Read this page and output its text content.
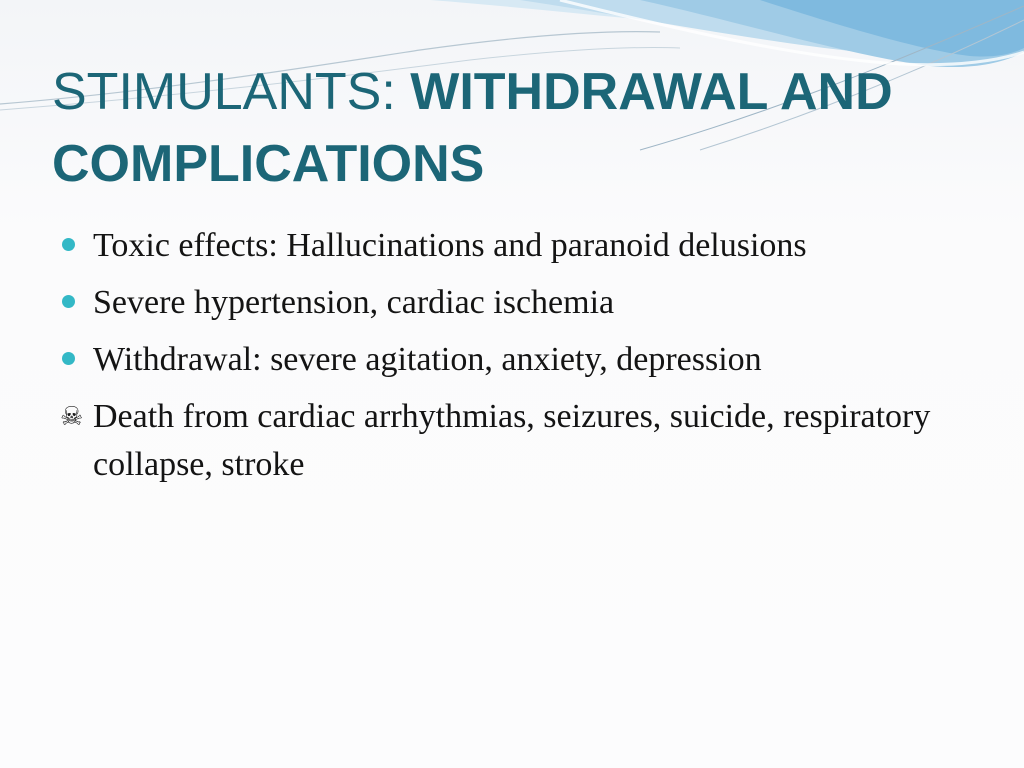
STIMULANTS: WITHDRAWAL AND
COMPLICATIONS
Toxic effects: Hallucinations and paranoid delusions
Severe hypertension, cardiac ischemia
Withdrawal: severe agitation, anxiety, depression
☠ Death from cardiac arrhythmias, seizures, suicide, respiratory collapse, stroke
